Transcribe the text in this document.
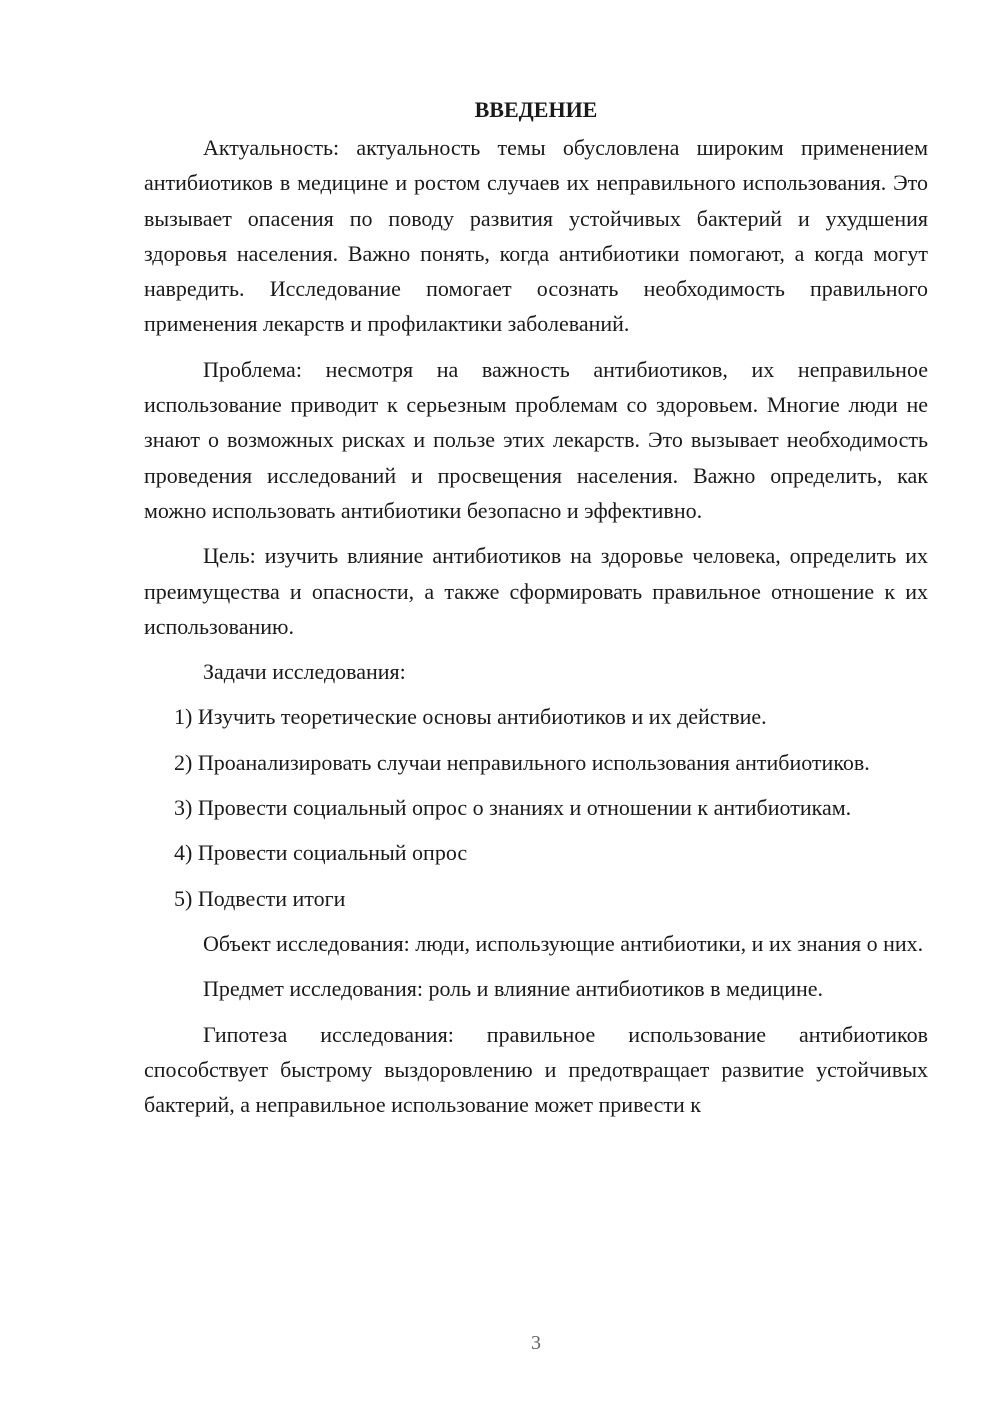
ВВЕДЕНИЕ

Актуальность: актуальность темы обусловлена широким применением антибиотиков в медицине и ростом случаев их неправильного использования. Это вызывает опасения по поводу развития устойчивых бактерий и ухудшения здоровья населения. Важно понять, когда антибиотики помогают, а когда могут навредить. Исследование помогает осознать необходимость правильного применения лекарств и профилактики заболеваний.

Проблема: несмотря на важность антибиотиков, их неправильное использование приводит к серьезным проблемам со здоровьем. Многие люди не знают о возможных рисках и пользе этих лекарств. Это вызывает необходимость проведения исследований и просвещения населения. Важно определить, как можно использовать антибиотики безопасно и эффективно.

Цель: изучить влияние антибиотиков на здоровье человека, определить их преимущества и опасности, а также сформировать правильное отношение к их использованию.

Задачи исследования:

1) Изучить теоретические основы антибиотиков и их действие.

2) Проанализировать случаи неправильного использования антибиотиков.

3) Провести социальный опрос о знаниях и отношении к антибиотикам.

4) Провести социальный опрос

5) Подвести итоги

Объект исследования: люди, использующие антибиотики, и их знания о них.

Предмет исследования: роль и влияние антибиотиков в медицине.

Гипотеза исследования: правильное использование антибиотиков способствует быстрому выздоровлению и предотвращает развитие устойчивых бактерий, а неправильное использование может привести к

3
